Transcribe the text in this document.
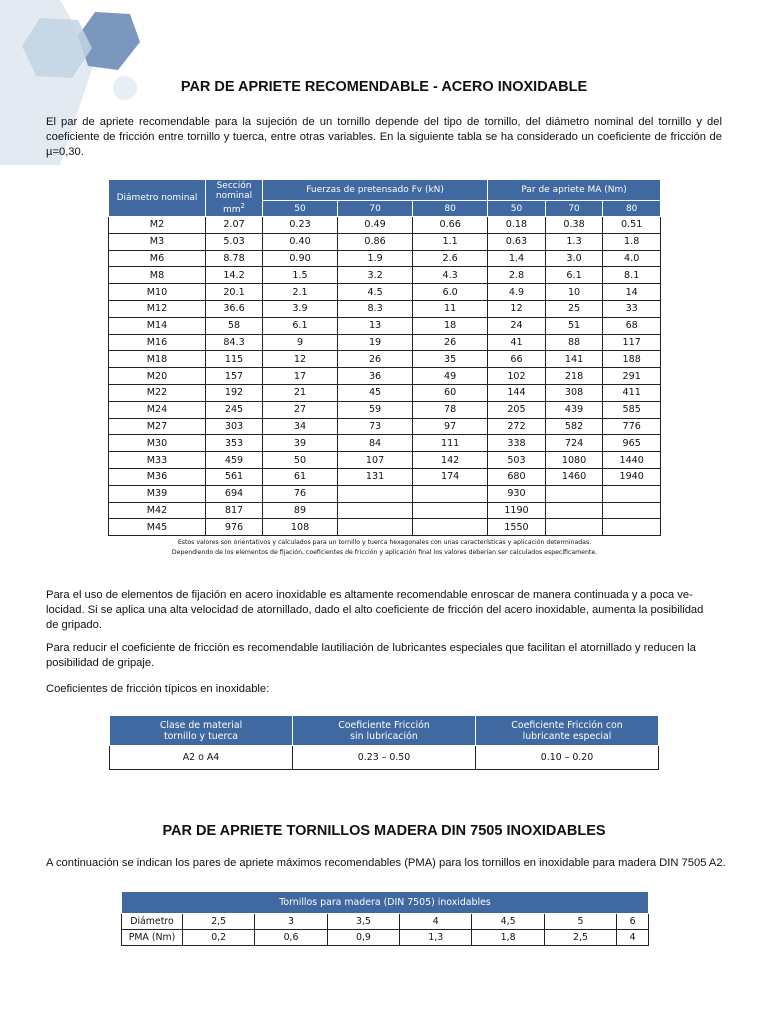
PAR DE APRIETE RECOMENDABLE - ACERO INOXIDABLE

El par de apriete recomendable para la sujeción de un tornillo depende del tipo de tornillo, del diámetro nominal del tornillo y del coeficiente de fricción entre tornillo y tuerca, entre otras variables. En la siguiente tabla se ha considerado un coeficiente de fricción de µ=0,30.

Diámetro nominal	Sección nominal
$mm^2$	Fuerzas de pretensado Fv (kN)			Par de apriete MA (Nm)		
		50	70	80	50	70	80
M2	2.07	0.23	0.49	0.66	0.18	0.38	0.51
M3	5.03	0.40	0.86	1.1	0.63	1.3	1.8
M6	8.78	0.90	1.9	2.6	1.4	3.0	4.0
M8	14.2	1.5	3.2	4.3	2.8	6.1	8.1
M10	20.1	2.1	4.5	6.0	4.9	10	14
M12	36.6	3.9	8.3	11	12	25	33
M14	58	6.1	13	18	24	51	68
M16	84.3	9	19	26	41	88	117
M18	115	12	26	35	66	141	188
M20	157	17	36	49	102	218	291
M22	192	21	45	60	144	308	411
M24	245	27	59	78	205	439	585
M27	303	34	73	97	272	582	776
M30	353	39	84	111	338	724	965
M33	459	50	107	142	503	1080	1440
M36	561	61	131	174	680	1460	1940
M39	694	76			930		
M42	817	89			1190		
M45	976	108			1550		
Estos valores son orientativos y calculados para un tornillo y tuerca hexagonales con unas características y aplicación determinadas.
Dependiendo de los elementos de fijación, coeficientes de fricción y aplicación final los valores deberían ser calculados específicamente.

Para el uso de elementos de fijación en acero inoxidable es altamente recomendable enroscar de manera continuada y a poca ve-
locidad. Si se aplica una alta velocidad de atornillado, dado el alto coeficiente de fricción del acero inoxidable, aumenta la posibilidad
de gripado.

Para reducir el coeficiente de fricción es recomendable lautiliación de lubricantes especiales que facilitan el atornillado y reducen la
posibilidad de gripaje.

Coeficientes de fricción típicos en inoxidable:

Clase de material
tornillo y tuerca	Coeficiente Fricción
sin lubricación	Coeficiente Fricción con
lubricante especial
A2 o A4	0.23 – 0.50	0.10 – 0.20
PAR DE APRIETE TORNILLOS MADERA DIN 7505 INOXIDABLES

A continuación se indican los pares de apriete máximos recomendables (PMA) para los tornillos en inoxidable para madera DIN 7505 A2.

Tornillos para madera (DIN 7505) inoxidables							
Diámetro	2,5	3	3,5	4	4,5	5	6
PMA (Nm)	0,2	0,6	0,9	1,3	1,8	2,5	4
